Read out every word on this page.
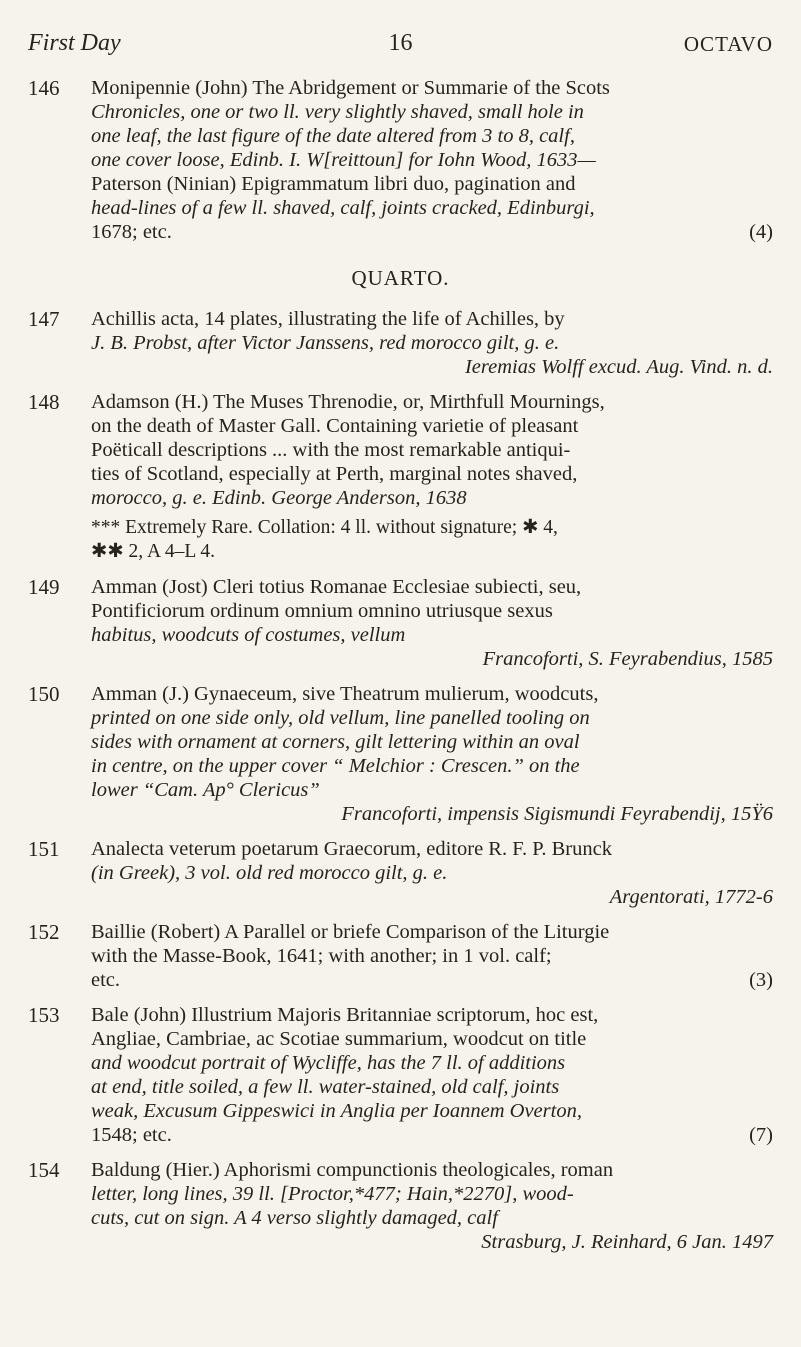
First Day	16	OCTAVO
146 Monipennie (John) The Abridgement or Summarie of the Scots
Chronicles, one or two ll. very slightly shaved, small hole in
one leaf, the last figure of the date altered from 3 to 8, calf,
one cover loose, Edinb. I. W[reittoun] for Iohn Wood, 1633—
Paterson (Ninian) Epigrammatum libri duo, pagination and
head-lines of a few ll. shaved, calf, joints cracked, Edinburgi,
1678; etc.	(4)
QUARTO.
147 Achillis acta, 14 plates, illustrating the life of Achilles, by
J. B. Probst, after Victor Janssens, red morocco gilt, g. e.
Ieremias Wolff excud. Aug. Vind. n. d.
148 Adamson (H.) The Muses Threnodie, or, Mirthfull Mournings,
on the death of Master Gall. Containing varietie of pleasant
Poëticall descriptions ... with the most remarkable antiqui-
ties of Scotland, especially at Perth, marginal notes shaved,
morocco, g. e. Edinb. George Anderson, 1638
*** Extremely Rare. Collation: 4 ll. without signature; ✱ 4,
✱✱ 2, A 4–L 4.
149 Amman (Jost) Cleri totius Romanae Ecclesiae subiecti, seu,
Pontificiorum ordinum omnium omnino utriusque sexus
habitus, woodcuts of costumes, vellum
Francoforti, S. Feyrabendius, 1585
150 Amman (J.) Gynaeceum, sive Theatrum mulierum, woodcuts,
printed on one side only, old vellum, line panelled tooling on
sides with ornament at corners, gilt lettering within an oval
in centre, on the upper cover “ Melchior : Crescen.” on the
lower “Cam. Ap° Clericus”
Francoforti, impensis Sigismundi Feyrabendij, 15Ÿ6
151 Analecta veterum poetarum Graecorum, editore R. F. P. Brunck
(in Greek), 3 vol. old red morocco gilt, g. e.
Argentorati, 1772-6
152 Baillie (Robert) A Parallel or briefe Comparison of the Liturgie
with the Masse-Book, 1641; with another; in 1 vol. calf;
etc.	(3)
153 Bale (John) Illustrium Majoris Britanniae scriptorum, hoc est,
Angliae, Cambriae, ac Scotiae summarium, woodcut on title
and woodcut portrait of Wycliffe, has the 7 ll. of additions
at end, title soiled, a few ll. water-stained, old calf, joints
weak, Excusum Gippeswici in Anglia per Ioannem Overton,
1548; etc.	(7)
154 Baldung (Hier.) Aphorismi compunctionis theologicales, roman
letter, long lines, 39 ll. [Proctor,*477; Hain,*2270], wood-
cuts, cut on sign. A 4 verso slightly damaged, calf
Strasburg, J. Reinhard, 6 Jan. 1497
